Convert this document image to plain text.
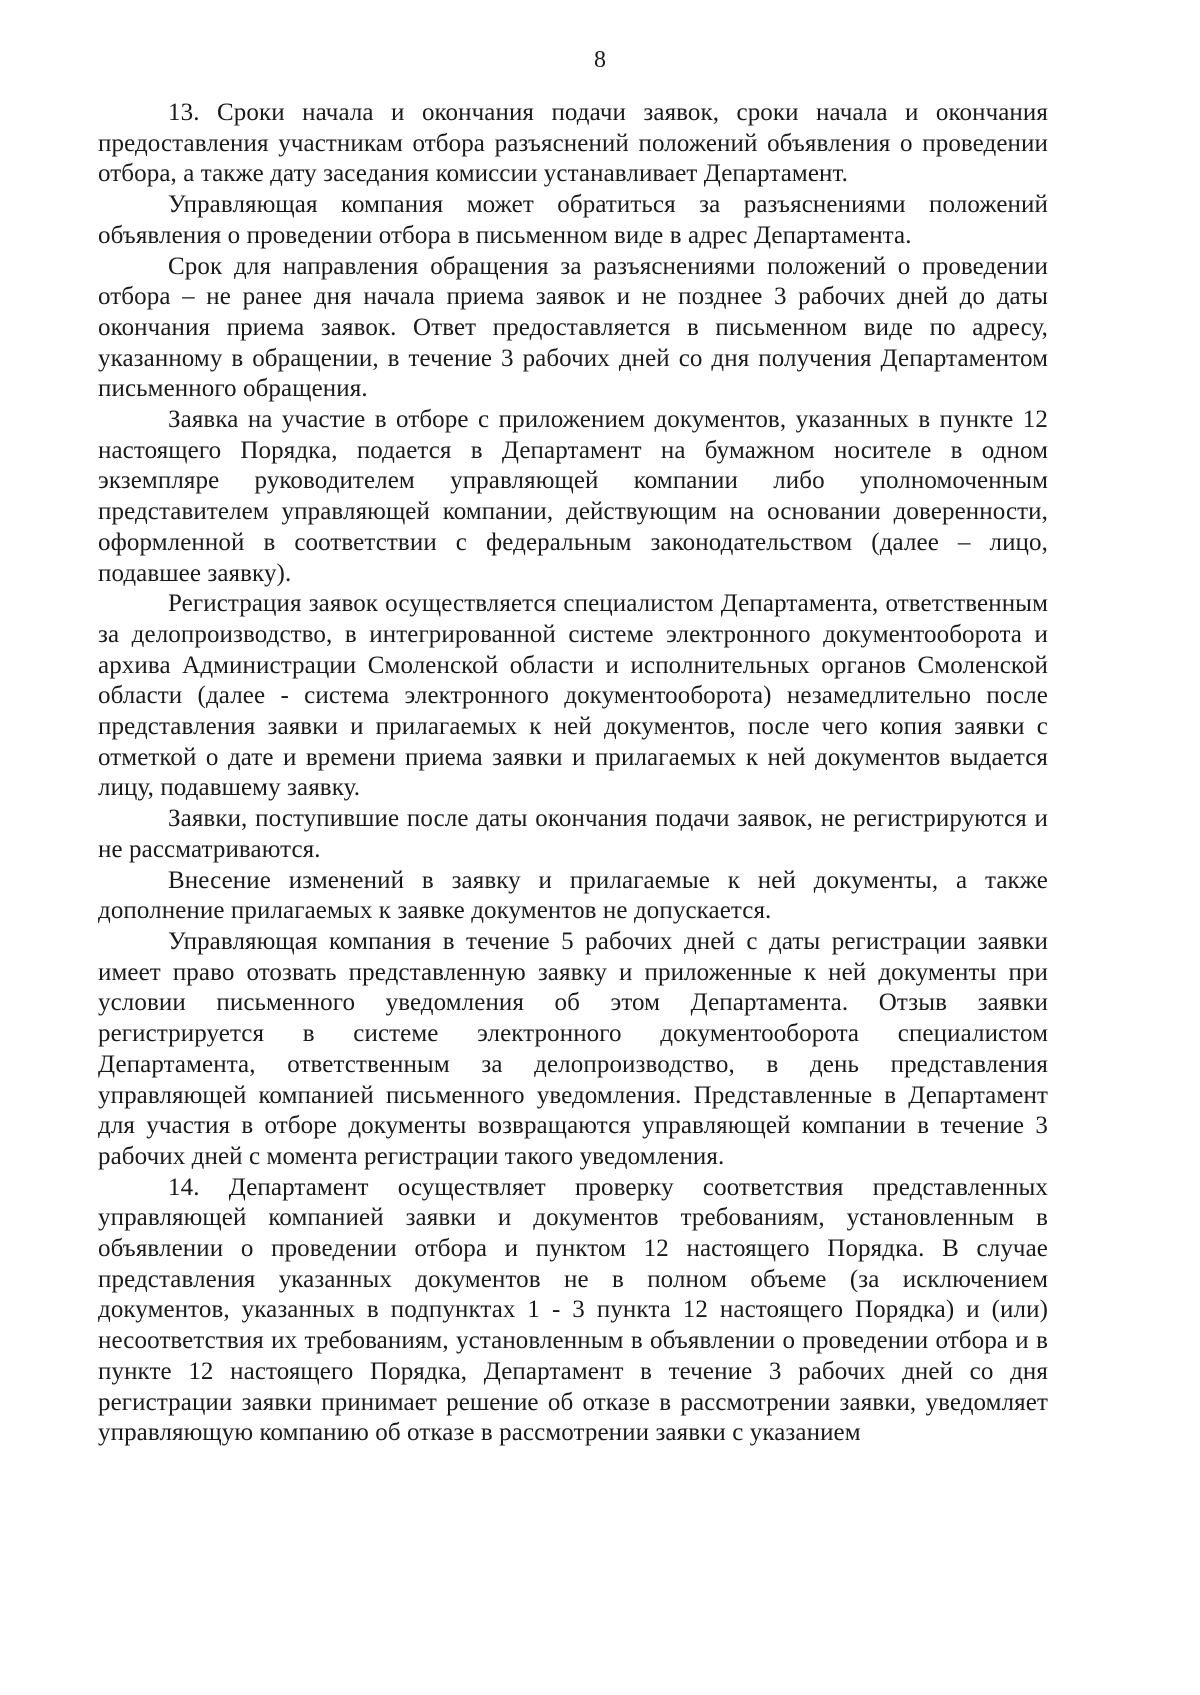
8

13. Сроки начала и окончания подачи заявок, сроки начала и окончания предоставления участникам отбора разъяснений положений объявления о проведении отбора, а также дату заседания комиссии устанавливает Департамент.

Управляющая компания может обратиться за разъяснениями положений объявления о проведении отбора в письменном виде в адрес Департамента.

Срок для направления обращения за разъяснениями положений о проведении отбора – не ранее дня начала приема заявок и не позднее 3 рабочих дней до даты окончания приема заявок. Ответ предоставляется в письменном виде по адресу, указанному в обращении, в течение 3 рабочих дней со дня получения Департаментом письменного обращения.

Заявка на участие в отборе с приложением документов, указанных в пункте 12 настоящего Порядка, подается в Департамент на бумажном носителе в одном экземпляре руководителем управляющей компании либо уполномоченным представителем управляющей компании, действующим на основании доверенности, оформленной в соответствии с федеральным законодательством (далее – лицо, подавшее заявку).

Регистрация заявок осуществляется специалистом Департамента, ответственным за делопроизводство, в интегрированной системе электронного документооборота и архива Администрации Смоленской области и исполнительных органов Смоленской области (далее - система электронного документооборота) незамедлительно после представления заявки и прилагаемых к ней документов, после чего копия заявки с отметкой о дате и времени приема заявки и прилагаемых к ней документов выдается лицу, подавшему заявку.

Заявки, поступившие после даты окончания подачи заявок, не регистрируются и не рассматриваются.

Внесение изменений в заявку и прилагаемые к ней документы, а также дополнение прилагаемых к заявке документов не допускается.

Управляющая компания в течение 5 рабочих дней с даты регистрации заявки имеет право отозвать представленную заявку и приложенные к ней документы при условии письменного уведомления об этом Департамента. Отзыв заявки регистрируется в системе электронного документооборота специалистом Департамента, ответственным за делопроизводство, в день представления управляющей компанией письменного уведомления. Представленные в Департамент для участия в отборе документы возвращаются управляющей компании в течение 3 рабочих дней с момента регистрации такого уведомления.

14. Департамент осуществляет проверку соответствия представленных управляющей компанией заявки и документов требованиям, установленным в объявлении о проведении отбора и пунктом 12 настоящего Порядка. В случае представления указанных документов не в полном объеме (за исключением документов, указанных в подпунктах 1 - 3 пункта 12 настоящего Порядка) и (или) несоответствия их требованиям, установленным в объявлении о проведении отбора и в пункте 12 настоящего Порядка, Департамент в течение 3 рабочих дней со дня регистрации заявки принимает решение об отказе в рассмотрении заявки, уведомляет управляющую компанию об отказе в рассмотрении заявки с указанием
